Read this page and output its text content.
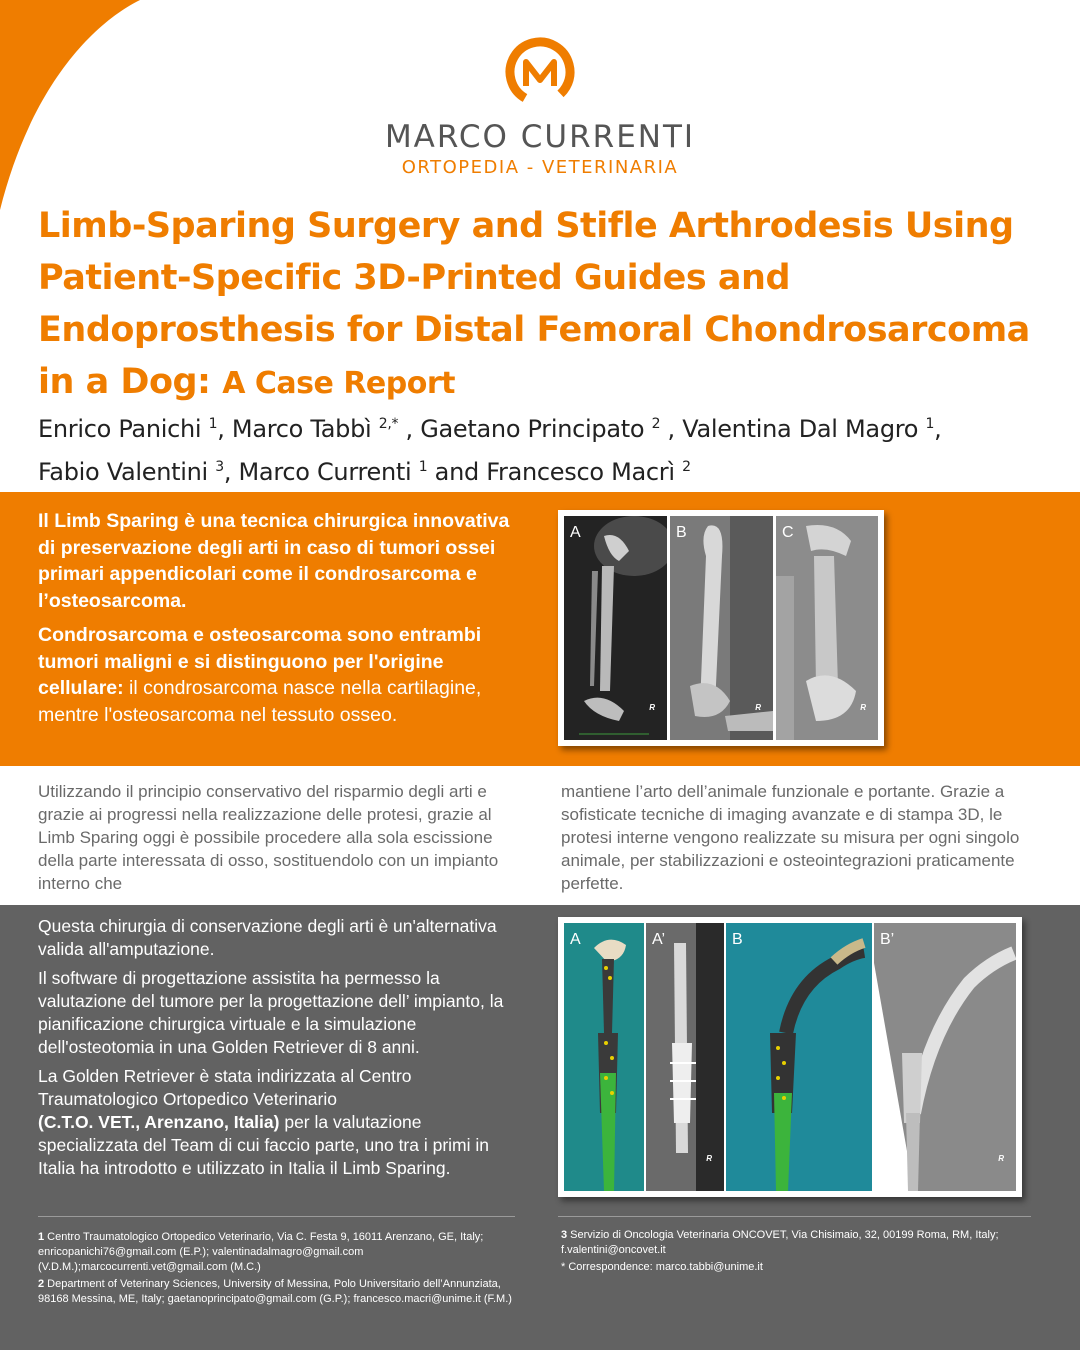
MARCO CURRENTI
ORTOPEDIA - VETERINARIA
Limb-Sparing Surgery and Stifle Arthrodesis Using Patient-Specific 3D-Printed Guides and Endoprosthesis for Distal Femoral Chondrosarcoma in a Dog: A Case Report
Enrico Panichi $^1$, Marco Tabbì $^{2,*}$ , Gaetano Principato $^2$ , Valentina Dal Magro $^1$,
Fabio Valentini $^3$, Marco Currenti $^1$ and Francesco Macrì $^2$

Il Limb Sparing è una tecnica chirurgica innovativa di preservazione degli arti in caso di tumori ossei primari appendicolari come il condrosarcoma e l’osteosarcoma.

Condrosarcoma e osteosarcoma sono entrambi tumori maligni e si distinguono per l'origine cellulare: il condrosarcoma nasce nella cartilagine, mentre l'osteosarcoma nel tessuto osseo.

A
R
B
R
C
R
Utilizzando il principio conservativo del risparmio degli arti e grazie ai progressi nella realizzazione delle protesi, grazie al Limb Sparing oggi è possibile procedere alla sola escissione della parte interessata di osso, sostituendolo con un impianto interno che
mantiene l’arto dell’animale funzionale e portante. Grazie a sofisticate tecniche di imaging avanzate e di stampa 3D, le protesi interne vengono realizzate su misura per ogni singolo animale, per stabilizzazioni e osteointegrazioni praticamente perfette.

Questa chirurgia di conservazione degli arti è un'alternativa valida all'amputazione.

Il software di progettazione assistita ha permesso la valutazione del tumore per la progettazione dell’ impianto, la pianificazione chirurgica virtuale e la simulazione dell'osteotomia in una Golden Retriever di 8 anni.

La Golden Retriever è stata indirizzata al Centro Traumatologico Ortopedico Veterinario
(C.T.O. VET., Arenzano, Italia) per la valutazione specializzata del Team di cui faccio parte, uno tra i primi in Italia ha introdotto e utilizzato in Italia il Limb Sparing.

A	A’
R
B	B’
R

1 Centro Traumatologico Ortopedico Veterinario, Via C. Festa 9, 16011 Arenzano, GE, Italy; enricopanichi76@gmail.com (E.P.); valentinadalmagro@gmail.com (V.D.M.);marcocurrenti.vet@gmail.com (M.C.)

2 Department of Veterinary Sciences, University of Messina, Polo Universitario dell’Annunziata, 98168 Messina, ME, Italy; gaetanoprincipato@gmail.com (G.P.); francesco.macri@unime.it (F.M.)

3 Servizio di Oncologia Veterinaria ONCOVET, Via Chisimaio, 32, 00199 Roma, RM, Italy; f.valentini@oncovet.it

* Correspondence: marco.tabbi@unime.it
